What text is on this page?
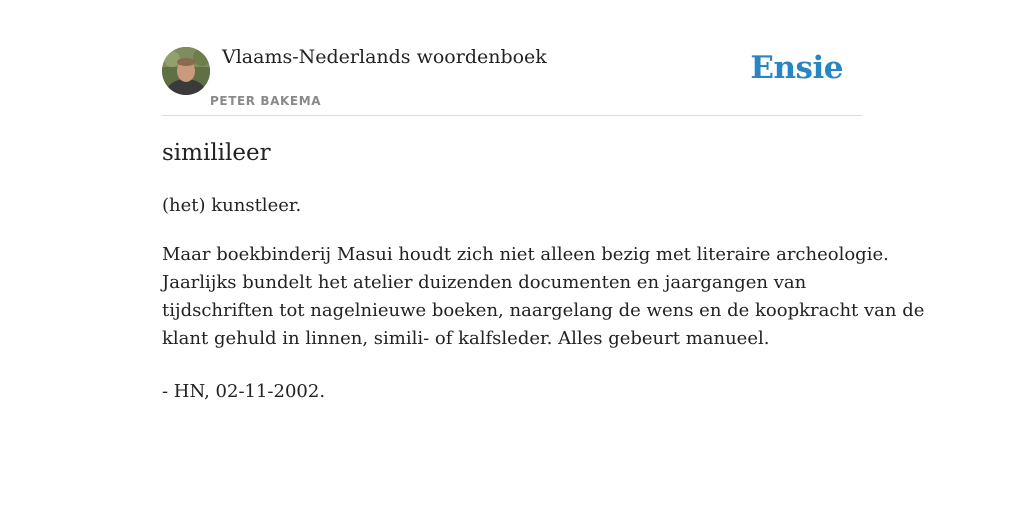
Vlaams-Nederlands woordenboek
PETER BAKEMA
Ensie
similileer
(het) kunstleer.

Maar boekbinderij Masui houdt zich niet alleen bezig met literaire archeologie.
Jaarlijks bundelt het atelier duizenden documenten en jaargangen van
tijdschriften tot nagelnieuwe boeken, naargelang de wens en de koopkracht van de
klant gehuld in linnen, simili- of kalfsleder. Alles gebeurt manueel.

- HN, 02-11-2002.
